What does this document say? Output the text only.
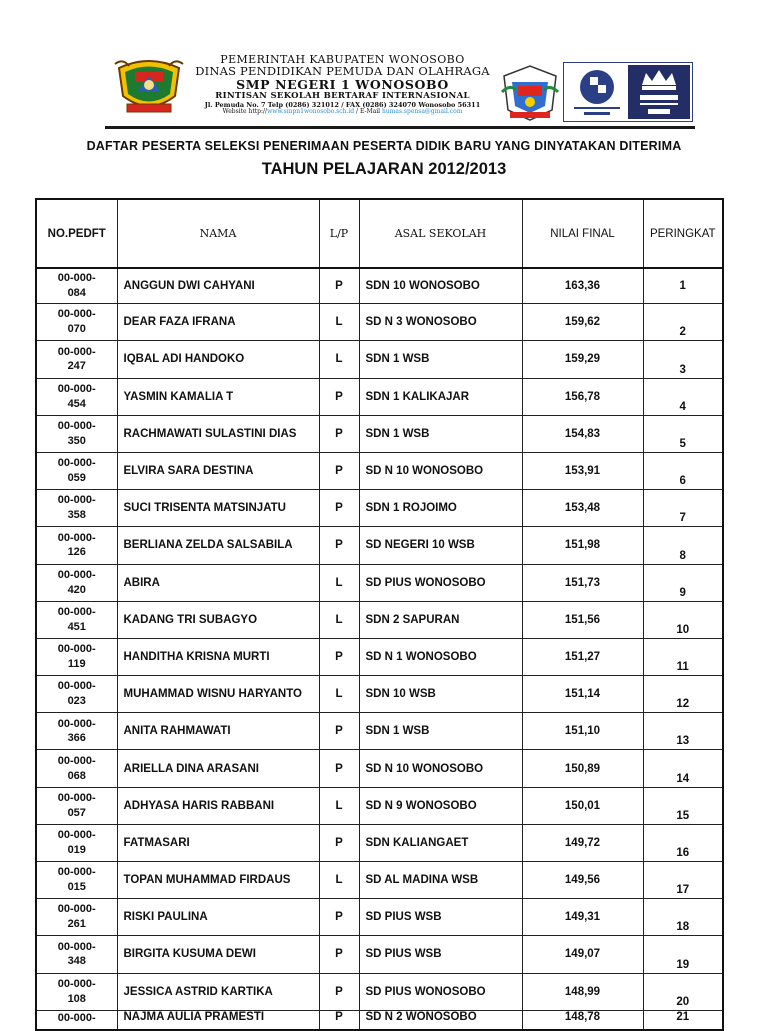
PEMERINTAH KABUPATEN WONOSOBO
DINAS PENDIDIKAN PEMUDA DAN OLAHRAGA
SMP NEGERI 1 WONOSOBO
RINTISAN SEKOLAH BERTARAF INTERNASIONAL
Jl. Pemuda No. 7 Telp (0286) 321012 / FAX (0286) 324070 Wonosobo 56311
Website http://www.smpn1wonosobo.sch.id / E-Mail humas.spensa@gmail.com
DAFTAR PESERTA SELEKSI PENERIMAAN PESERTA DIDIK BARU YANG DINYATAKAN DITERIMA
TAHUN PELAJARAN 2012/2013
NO.PEDFT	NAMA	L/P	ASAL SEKOLAH	NILAI FINAL	PERINGKAT
00-000-
084	ANGGUN DWI CAHYANI	P	SDN 10 WONOSOBO	163,36	1
00-000-
070	DEAR FAZA IFRANA	L	SD N 3 WONOSOBO	159,62	2
00-000-
247	IQBAL ADI HANDOKO	L	SDN 1 WSB	159,29	3
00-000-
454	YASMIN KAMALIA T	P	SDN 1 KALIKAJAR	156,78	4
00-000-
350	RACHMAWATI SULASTINI DIAS	P	SDN 1 WSB	154,83	5
00-000-
059	ELVIRA SARA DESTINA	P	SD N 10 WONOSOBO	153,91	6
00-000-
358	SUCI TRISENTA MATSINJATU	P	SDN 1 ROJOIMO	153,48	7
00-000-
126	BERLIANA ZELDA SALSABILA	P	SD NEGERI 10 WSB	151,98	8
00-000-
420	ABIRA	L	SD PIUS WONOSOBO	151,73	9
00-000-
451	KADANG TRI SUBAGYO	L	SDN 2 SAPURAN	151,56	10
00-000-
119	HANDITHA KRISNA MURTI	P	SD N 1 WONOSOBO	151,27	11
00-000-
023	MUHAMMAD WISNU HARYANTO	L	SDN 10 WSB	151,14	12
00-000-
366	ANITA RAHMAWATI	P	SDN 1 WSB	151,10	13
00-000-
068	ARIELLA DINA ARASANI	P	SD N 10 WONOSOBO	150,89	14
00-000-
057	ADHYASA HARIS RABBANI	L	SD N 9 WONOSOBO	150,01	15
00-000-
019	FATMASARI	P	SDN KALIANGAET	149,72	16
00-000-
015	TOPAN MUHAMMAD FIRDAUS	L	SD AL MADINA WSB	149,56	17
00-000-
261	RISKI PAULINA	P	SD PIUS WSB	149,31	18
00-000-
348	BIRGITA KUSUMA DEWI	P	SD PIUS WSB	149,07	19
00-000-
108	JESSICA ASTRID KARTIKA	P	SD PIUS WONOSOBO	148,99	20
00-000-	NAJMA AULIA PRAMESTI	P	SD N 2 WONOSOBO	148,78	21
